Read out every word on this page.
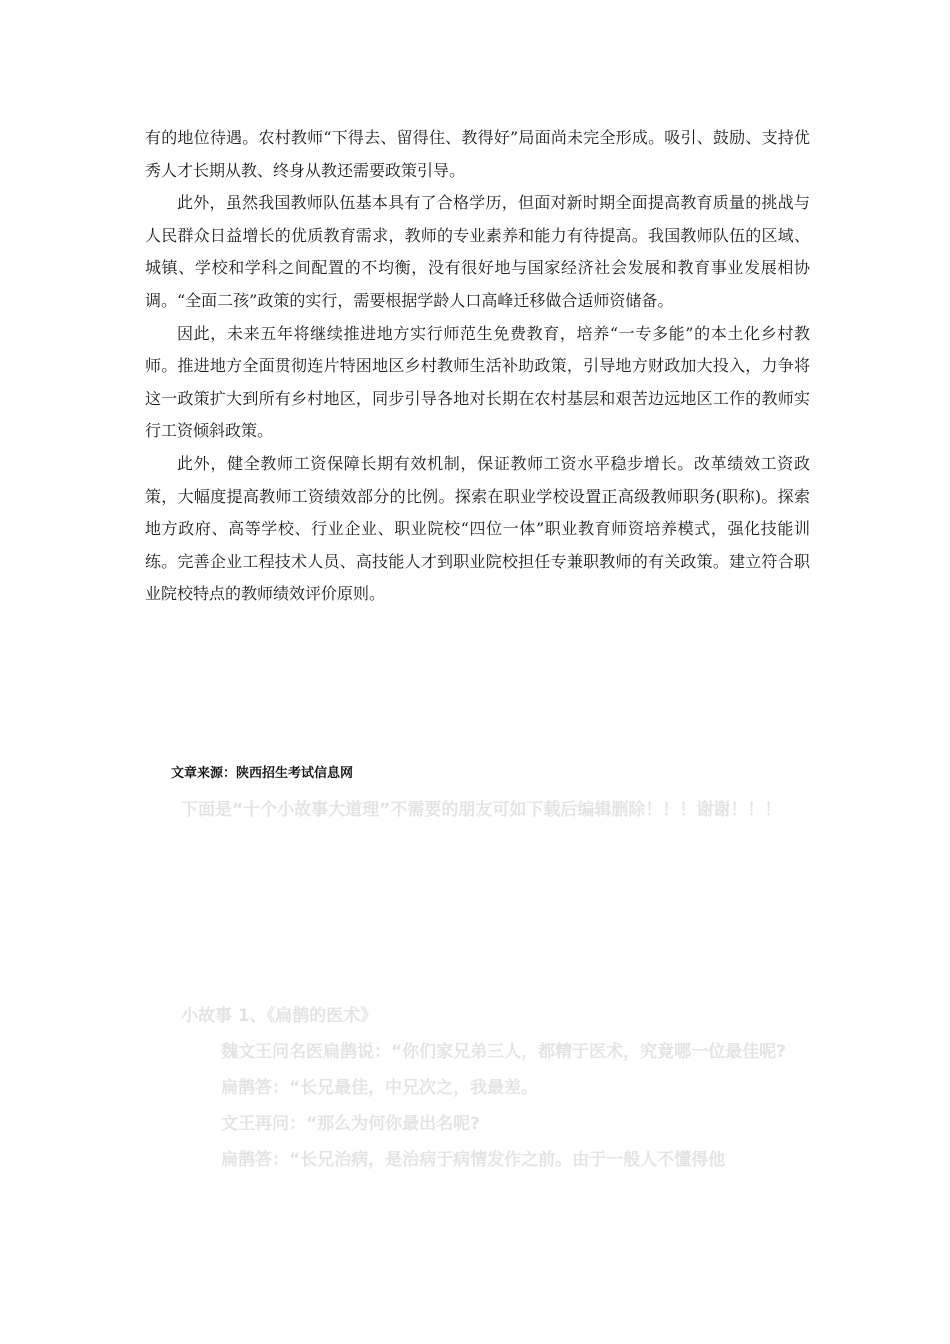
有的地位待遇。农村教师“下得去、留得住、教得好”局面尚未完全形成。吸引、鼓励、支持优秀人才长期从教、终身从教还需要政策引导。

此外，虽然我国教师队伍基本具有了合格学历，但面对新时期全面提高教育质量的挑战与人民群众日益增长的优质教育需求，教师的专业素养和能力有待提高。我国教师队伍的区域、城镇、学校和学科之间配置的不均衡，没有很好地与国家经济社会发展和教育事业发展相协调。“全面二孩”政策的实行，需要根据学龄人口高峰迁移做合适师资储备。

因此，未来五年将继续推进地方实行师范生免费教育，培养“一专多能”的本土化乡村教师。推进地方全面贯彻连片特困地区乡村教师生活补助政策，引导地方财政加大投入，力争将这一政策扩大到所有乡村地区，同步引导各地对长期在农村基层和艰苦边远地区工作的教师实行工资倾斜政策。

此外，健全教师工资保障长期有效机制，保证教师工资水平稳步增长。改革绩效工资政策，大幅度提高教师工资绩效部分的比例。探索在职业学校设置正高级教师职务(职称)。探索地方政府、高等学校、行业企业、职业院校“四位一体”职业教育师资培养模式，强化技能训练。完善企业工程技术人员、高技能人才到职业院校担任专兼职教师的有关政策。建立符合职业院校特点的教师绩效评价原则。

文章来源：陕西招生考试信息网

下面是“十个小故事大道理”不需要的朋友可如下载后编辑删除！！！谢谢！！！

小故事 1、《扁鹊的医术》

魏文王问名医扁鹊说：“你们家兄弟三人，都精于医术，究竟哪一位最佳呢?

扁鹊答：“长兄最佳，中兄次之，我最差。

文王再问：“那么为何你最出名呢?

扁鹊答：“长兄治病，是治病于病情发作之前。由于一般人不懂得他
